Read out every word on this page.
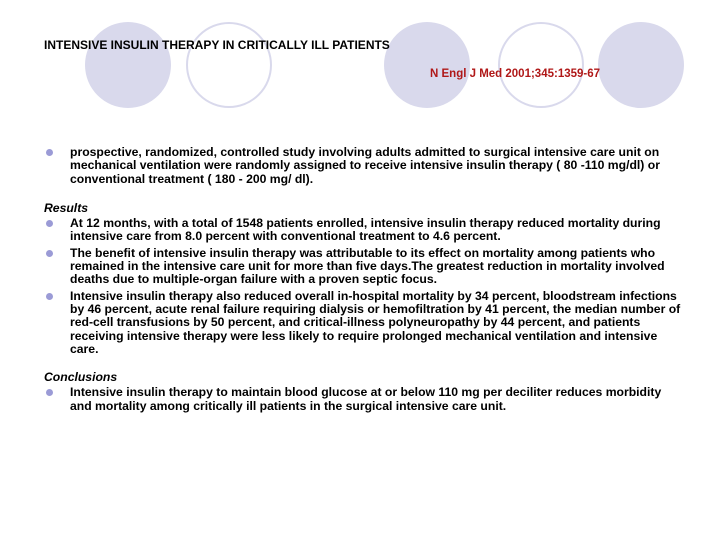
INTENSIVE INSULIN THERAPY IN CRITICALLY ILL PATIENTS
N Engl J Med 2001;345:1359-67
prospective, randomized, controlled study involving adults admitted to surgical intensive care unit on mechanical ventilation were randomly assigned to receive intensive insulin therapy ( 80 -110 mg/dl) or conventional treatment ( 180 - 200 mg/ dl).
Results
At 12 months, with a total of 1548 patients enrolled, intensive insulin therapy reduced mortality during intensive care from 8.0 percent with conventional treatment to 4.6 percent.
The benefit of intensive insulin therapy was attributable to its effect on mortality among patients who remained in the intensive care unit for more than five days.The greatest reduction in mortality involved deaths due to multiple-organ failure with a proven septic focus.
Intensive insulin therapy also reduced overall in-hospital mortality by 34 percent, bloodstream infections by 46 percent, acute renal failure requiring dialysis or hemofiltration by 41 percent, the median number of red-cell transfusions by 50 percent, and critical-illness polyneuropathy by 44 percent, and patients receiving intensive therapy were less likely to require prolonged mechanical ventilation and intensive care.
Conclusions
Intensive insulin therapy to maintain blood glucose at or below 110 mg per deciliter reduces morbidity and mortality among critically ill patients in the surgical intensive care unit.
